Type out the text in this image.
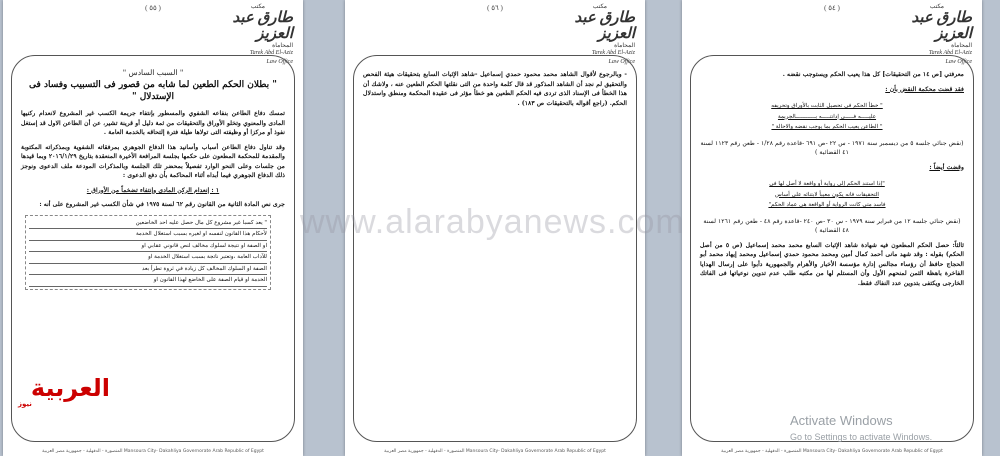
( ٥٥ )	مكتب
طارق عبد العزيز
المحاماة
Tarek Abd El-Aziz
Law Office
" السبب السادس "
" بطلان الحكم الطعين لما شابه من قصور فى التسبيب وفساد فى الإستدلال "

تمسك دفاع الطاعن بنفاعه الشفوي والمسطور بإنتفاء جريمة الكسب غير المشروع لانعدام ركنيها المادى والمعنوي وتخلو الأوراق والتحقيقات من ثمة دليل أو قرينة تشير، عن أن الطاعن الاول قد إستغل نفوذ أو مركزا أو وظيفته التى تولاها طيلة فترة إلتحاقه بالخدمة العامة .

وقد تناول دفاع الطاعن أسباب وأسانيد هذا الدفاع الجوهري بمرفقاته الشفوية وبمذكراته المكتوبة والمقدمة للمحكمة المطعون على حكمها بجلسة المرافعة الأخيرة المنعقدة بتاريخ ٢٠١٦/١/٢٩ وبما قيدها من جلسات وعلى النحو الوارد تفصيلاً بمحضر تلك الجلسة وبالمذكرات المودعة ملف الدعوى ونوجز ذلك الدفاع الجوهري فيما أبداه أثناء المحاكمة بأن دفع الدعوى :

١ : إنعدام الركن المادى وإنتفاء تضخماً من الأوراق :

جرى نص المادة الثانية من القانون رقم ٦٢ لسنة ١٩٧٥ في شأن الكسب غير المشروع على أنه :

" يعد كسبا غير مشروع كل مال حصل عليه احد الخاضعين
لأحكام هذا القانون لنفسه او لغيره بسبب استغلال الخدمة
او الصفة او نتيجة لسلوك مخالف لنص قانوني عقابي او
للآداب العامة ،وتعتبر ناتجة بسبب استغلال الخدمة او
الصفة او السلوك المخالف كل زيادة في ثروة تطرأ بعد
الخدمة او قيام الصفة على الخاضع لهذا القانون او
المنصورة - الدقهلية - جمهورية مصر العربية Mansoura City- Dakahliya Governorate Arab Republic of Egypt
( ٥٦ )	مكتب
طارق عبد العزيز
المحاماة
Tarek Abd El-Aziz
Law Office

- وبالرجوع لأقوال الشاهد محمد محمود حمدي إسماعيل -شاهد الإثبات السابع بتحقيقات هيئة الفحص والتحقيق لم نجد أن الشاهد المذكور قد قال كلمة واحدة من التى نقلتها الحكم الطعين عنه ، ولاشك أن هذا الخطأ فى الإسناد الذى تردى فيه الحكم الطعين هو خطأ مؤثر فى عقيدة المحكمة ومنطق واستدلال الحكم. (راجع أقواله بالتحقيقات ص ١٨٣) .

المنصورة - الدقهلية - جمهورية مصر العربية Mansoura City- Dakahliya Governorate Arab Republic of Egypt
( ٥٤ )	مكتب
طارق عبد العزيز
المحاماة
Tarek Abd El-Aziz
Law Office

معرفتي [ص ١٤ من التحقيقات] كل هذا يعيب الحكم ويستوجب نقضه .

فقد قضت محكمة النقض بأن :

" خطأ الحكم فى تحصيل الثابت بالأوراق وتحريفه
عليـــــه فـــــى إدانتـــــه بــــــــــــالجريمة
" الطاعن يعيب الحكم بما يوجب نقضه والاحالة "

(نقض جنائي جلسة ٥ من ديسمبر سنة ١٩٧١ - س ٢٢ -ص ٦٩١ -قاعدة رقم ١/٢٨ - طعن رقم ١١٢٣ لسنة ٤١ القضائية )

وقضت أيضاً :

"إذا استند الحكم إلى رواية أو واقعة لا أصل لها فى
التحقيقات فانه يكون معيباً لابتنائه على أساس
فاسد متى كانت الرواية أو الواقعة هى عماد الحكم"

(نقض جنائي جلسة ١٢ من فبراير سنة ١٩٧٩ - س ٣٠ -ص ٢٤٠ -قاعدة رقم ٤٨ - طعن رقم ١٢٦١ لسنة ٤٨ القضائية )

ثالثاً: حصل الحكم المطعون فيه شهادة شاهد الإثبات السابع محمد محمد إسماعيل (ص ٥ من أصل الحكم) بقوله : وقد شهد مانى أحمد كمال أمين ومحمد محمود حمدي إسماعيل ومحمد إيهاد محمد أبو الحجاج حافظ أن رؤساء مجالس إدارة مؤسسة الأخبار والأهرام والجمهورية دأبوا على إرسال الهدايا الفاخرة باهظة الثمن لمنحهم الأول وأن المستلم لها من مكتبه طلب عدم تدوين نوعياتها فى الفاتك الخارجى ويكتفى بتدوين عدد النفاك فقط.

المنصورة - الدقهلية - جمهورية مصر العربية Mansoura City- Dakahliya Governorate Arab Republic of Egypt
العربية
نيوز
www.alarabyanews.com
Activate Windows
Go to Settings to activate Windows.
